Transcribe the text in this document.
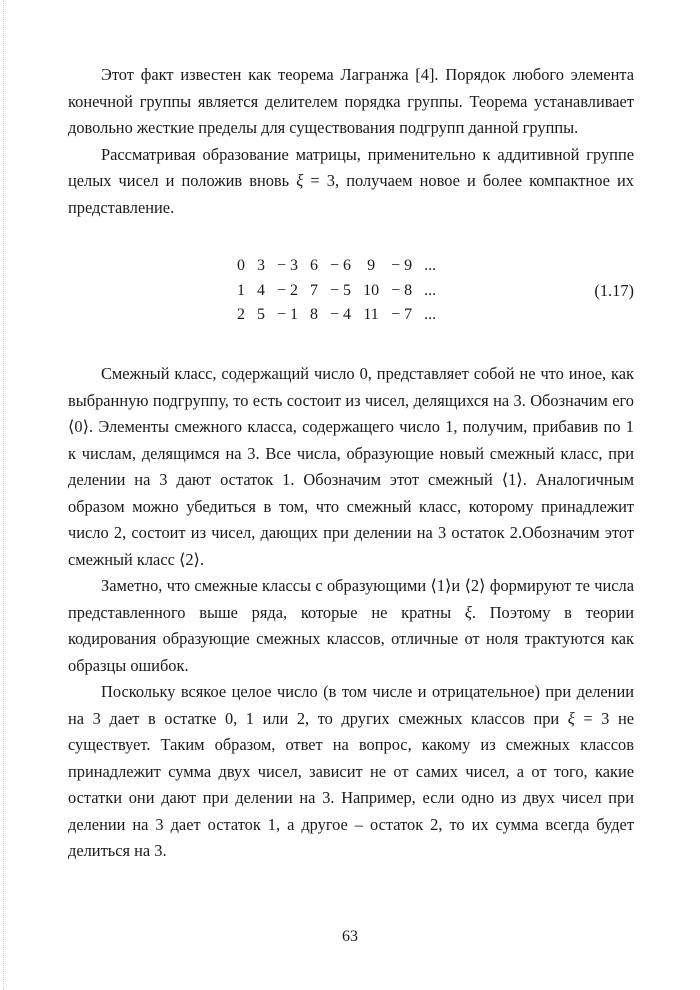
Этот факт известен как теорема Лагранжа [4]. Порядок любого элемента конечной группы является делителем порядка группы. Теорема устанавливает довольно жесткие пределы для существования подгрупп данной группы.

Рассматривая образование матрицы, применительно к аддитивной группе целых чисел и положив вновь ξ = 3, получаем новое и более компактное их представление.

0	3	− 3	6	− 6	9	− 9	...
1	4	− 2	7	− 5	10	− 8	...
2	5	− 1	8	− 4	11	− 7	...
(1.17)

Смежный класс, содержащий число 0, представляет собой не что иное, как выбранную подгруппу, то есть состоит из чисел, делящихся на 3. Обозначим его ⟨0⟩. Элементы смежного класса, содержащего число 1, получим, прибавив по 1 к числам, делящимся на 3. Все числа, образующие новый смежный класс, при делении на 3 дают остаток 1. Обозначим этот смежный ⟨1⟩. Аналогичным образом можно убедиться в том, что смежный класс, которому принадлежит число 2, состоит из чисел, дающих при делении на 3 остаток 2.Обозначим этот смежный класс ⟨2⟩.

Заметно, что смежные классы с образующими ⟨1⟩и ⟨2⟩ формируют те числа представленного выше ряда, которые не кратны ξ. Поэтому в теории кодирования образующие смежных классов, отличные от ноля трактуются как образцы ошибок.

Поскольку всякое целое число (в том числе и отрицательное) при делении на 3 дает в остатке 0, 1 или 2, то других смежных классов при ξ = 3 не существует. Таким образом, ответ на вопрос, какому из смежных классов принадлежит сумма двух чисел, зависит не от самих чисел, а от того, какие остатки они дают при делении на 3. Например, если одно из двух чисел при делении на 3 дает остаток 1, а другое – остаток 2, то их сумма всегда будет делиться на 3.

63
